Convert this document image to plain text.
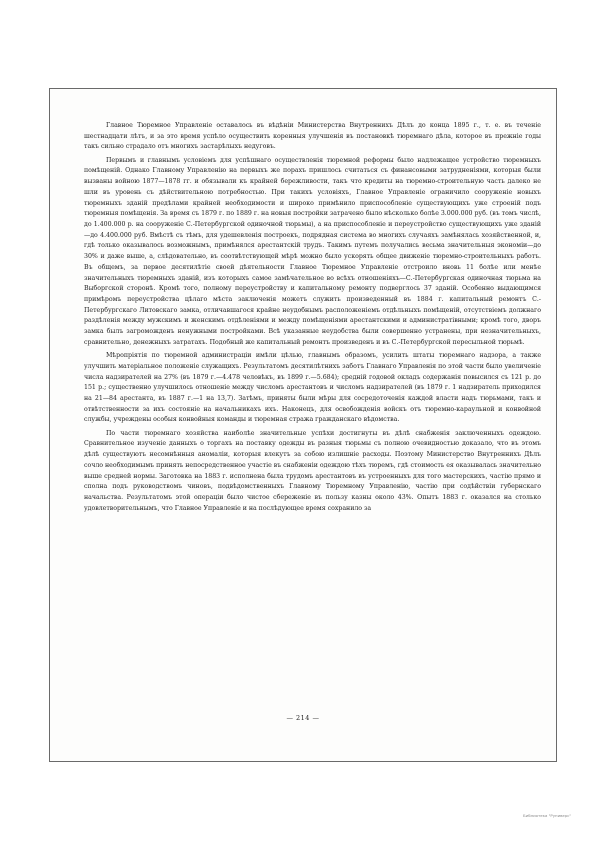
Главное Тюремное Управленіе оставалось въ вѣдѣніи Министерства Внутреннихъ Дѣлъ до конца 1895 г., т. е. въ теченіе шестнадцати лѣтъ, и за это время успѣло осуществить коренныя улучшенія въ постановкѣ тюремнаго дѣла, которое въ прежніе годы такъ сильно страдало отъ многихъ застарѣлыхъ недуговъ.

Первымъ и главнымъ условіемъ для успѣшнаго осуществленія тюремной реформы было надлежащее устройство тюремныхъ помѣщеній. Однако Главному Управленію на первыхъ же порахъ пришлось считаться съ финансовыми затрудненіями, которыя были вызваны войною 1877—1878 гг. и обязывали къ крайней бережливости, такъ что кредиты на тюремно-строительную часть далеко не шли въ уровень съ дѣйствительною потребностью. При такихъ условіяхъ, Главное Управленіе ограничило сооруженіе новыхъ тюремныхъ зданій предѣлами крайней необходимости и широко примѣнило приспособленіе существующихъ уже строеній подъ тюремныя помѣщенія. За время съ 1879 г. по 1889 г. на новыя постройки затрачено было нѣсколько болѣе 3.000.000 руб. (въ томъ числѣ, до 1.400.000 р. на сооруженіе С.-Петербургской одиночной тюрьмы), а на приспособленіе и переустройство существующихъ уже зданій—до 4.400.000 руб. Вмѣстѣ съ тѣмъ, для удешевленія построекъ, подрядная система во многихъ случаяхъ замѣнялась хозяйственной, и, гдѣ только оказывалось возможнымъ, примѣнялся арестантскій трудъ. Такимъ путемъ получались весьма значительныя экономіи—до 30% и даже выше, а, слѣдовательно, въ соотвѣтствующей мѣрѣ можно было ускорять общее движеніе тюремно-строительныхъ работъ. Въ общемъ, за первое десятилѣтіе своей дѣятельности Главное Тюремное Управленіе отстроило вновь 11 болѣе или менѣе значительныхъ тюремныхъ зданій, изъ которыхъ самое замѣчательное во всѣхъ отношеніяхъ—С.-Петербургская одиночная тюрьма на Выборгской сторонѣ. Кромѣ того, полному переустройству и капитальному ремонту подверглось 37 зданій. Особенно выдающимся примѣромъ переустройства цѣлаго мѣста заключенія можетъ служить произведенный въ 1884 г. капитальный ремонтъ С.-Петербургскаго Литовскаго замка, отличавшагося крайне неудобнымъ расположеніемъ отдѣльныхъ помѣщеній, отсутствіемъ должнаго раздѣленія между мужскимъ и женскимъ отдѣленіями и между помѣщеніями арестантскими и администратівными; кромѣ того, дворъ замка былъ загроможденъ ненужными постройками. Всѣ указанные неудобства были совершенно устранены, при незначительныхъ, сравнительно, денежныхъ затратахъ. Подобный же капитальный ремонтъ произведенъ и въ С.-Петербургской пересыльной тюрьмѣ.

Мѣропріятія по тюремной администраціи имѣли цѣлью, главнымъ образомъ, усилить штаты тюремнаго надзора, а также улучшить матеріальное положеніе служащихъ. Результатомъ десятилѣтнихъ заботъ Главнаго Управленія по этой части было увеличеніе числа надзирателей на 27% (въ 1879 г.—4.478 человѣкъ, въ 1899 г.—5.684); средній годовой окладъ содержанія повысился съ 121 р. до 151 р.; существенно улучшилось отношеніе между числомъ арестантовъ и числомъ надзирателей (въ 1879 г. 1 надзиратель приходился на 21—84 арестанта, въ 1887 г.—1 на 13,7). Затѣмъ, приняты были мѣры для сосредоточенія каждой власти надъ тюрьмами, такъ и отвѣтственности за ихъ состояніе на начальникахъ ихъ. Наконецъ, для освобожденія войскъ отъ тюремно-караульной и конвойной службы, учреждены особыя конвойныя команды и тюремная стража гражданскаго вѣдомства.

По части тюремнаго хозяйства наиболѣе значительные успѣхи достигнуты въ дѣлѣ снабженія заключенныхъ одеждою. Сравнительное изученіе данныхъ о торгахъ на поставку одежды въ разныя тюрьмы съ полною очевидностью доказало, что въ этомъ дѣлѣ существуютъ несомнѣнныя аномаліи, которыя влекутъ за собою излишніе расходы. Поэтому Министерство Внутреннихъ Дѣлъ сочло необходимымъ принять непосредственное участіе въ снабженіи одеждою тѣхъ тюремъ, гдѣ стоимость ея оказывалась значительно выше средней нормы. Заготовка на 1883 г. исполнена была трудомъ арестантовъ въ устроенныхъ для того мастерскихъ, частію прямо и сполна подъ руководствомъ чиновъ, подвѣдомственныхъ Главному Тюремному Управленію, частію при содѣйствіи губернскаго начальства. Результатомъ этой операціи было чистое сбереженіе въ пользу казны около 43%. Опытъ 1883 г. оказался на столько удовлетворительнымъ, что Главное Управленіе и на послѣдующее время сохранило за

— 214 —
Библиотека "Руниверс"
